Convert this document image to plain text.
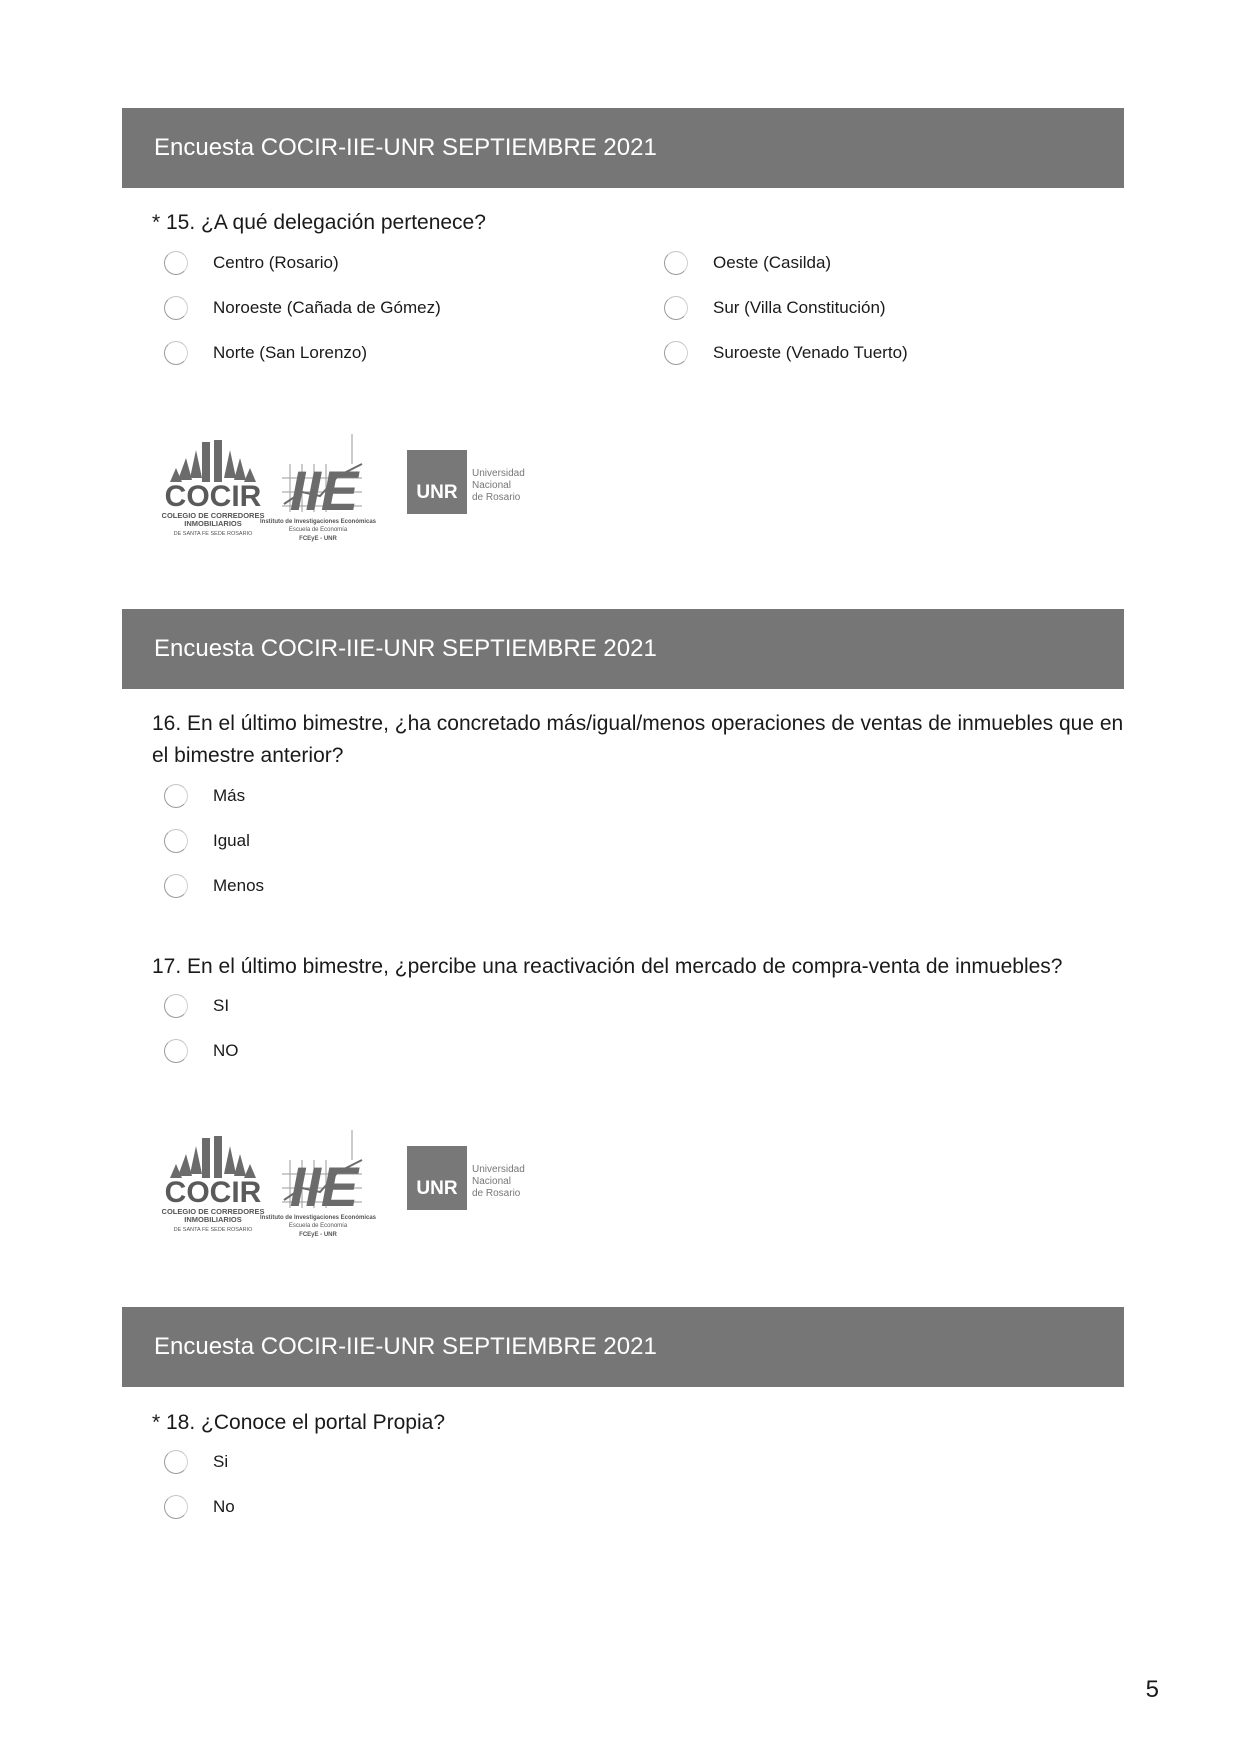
Encuesta COCIR-IIE-UNR SEPTIEMBRE 2021
* 15. ¿A qué delegación pertenece?
Centro (Rosario)
Noroeste (Cañada de Gómez)
Norte (San Lorenzo)
Oeste (Casilda)
Sur (Villa Constitución)
Suroeste (Venado Tuerto)
COCIR
COLEGIO DE CORREDORES
INMOBILIARIOS
DE SANTA FE SEDE ROSARIO
IIE
Instituto de Investigaciones Económicas
Escuela de Economía
FCEyE - UNR
UNR
Universidad
Nacional
de Rosario
Encuesta COCIR-IIE-UNR SEPTIEMBRE 2021
16. En el último bimestre, ¿ha concretado más/igual/menos operaciones de ventas de inmuebles que en
el bimestre anterior?
Más
Igual
Menos
17. En el último bimestre, ¿percibe una reactivación del mercado de compra-venta de inmuebles?
SI
NO
COCIR
COLEGIO DE CORREDORES
INMOBILIARIOS
DE SANTA FE SEDE ROSARIO
IIE
Instituto de Investigaciones Económicas
Escuela de Economía
FCEyE - UNR
UNR
Universidad
Nacional
de Rosario
Encuesta COCIR-IIE-UNR SEPTIEMBRE 2021
* 18. ¿Conoce el portal Propia?
Si
No
5
